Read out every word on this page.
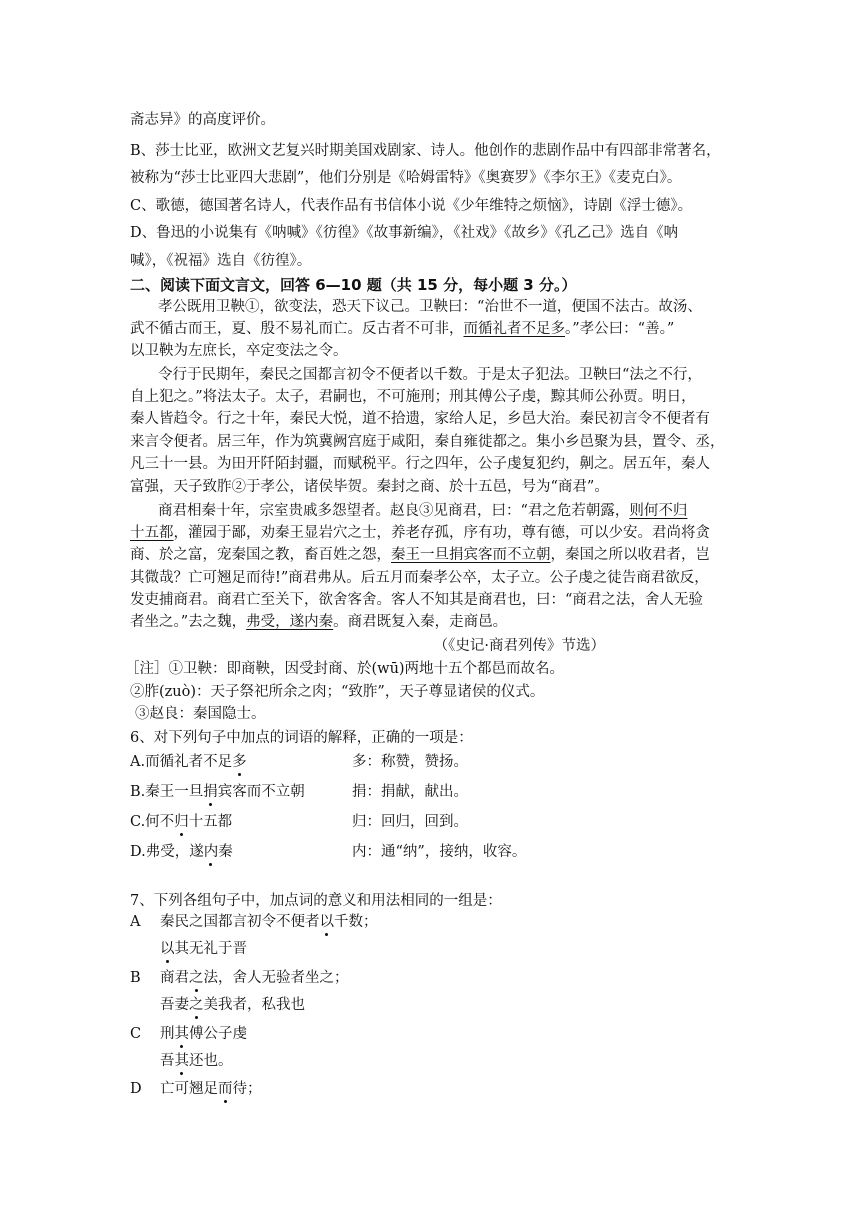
斋志异》的高度评价。
B、莎士比亚，欧洲文艺复兴时期美国戏剧家、诗人。他创作的悲剧作品中有四部非常著名，
被称为“莎士比亚四大悲剧”，他们分别是《哈姆雷特》《奥赛罗》《李尔王》《麦克白》。
C、歌德，德国著名诗人，代表作品有书信体小说《少年维特之烦恼》，诗剧《浮士德》。
D、鲁迅的小说集有《呐喊》《彷徨》《故事新编》，《社戏》《故乡》《孔乙己》选自《呐
喊》，《祝福》选自《彷徨》。
二、阅读下面文言文，回答 6—10 题（共 15 分，每小题 3 分。）
孝公既用卫鞅①，欲变法，恐天下议己。卫鞅曰：“治世不一道，便国不法古。故汤、
武不循古而王，夏、殷不易礼而亡。反古者不可非，而循礼者不足多。”孝公曰：“善。”
以卫鞅为左庶长，卒定变法之令。
令行于民期年，秦民之国都言初令不便者以千数。于是太子犯法。卫鞅曰“法之不行，
自上犯之。”将法太子。太子，君嗣也，不可施刑；刑其傅公子虔，黥其师公孙贾。明日，
秦人皆趋令。行之十年，秦民大悦，道不拾遗，家给人足，乡邑大治。秦民初言令不便者有
来言令便者。居三年，作为筑冀阙宫庭于咸阳，秦自雍徙都之。集小乡邑聚为县，置令、丞，
凡三十一县。为田开阡陌封疆，而赋税平。行之四年，公子虔复犯约，劓之。居五年，秦人
富强，天子致胙②于孝公，诸侯毕贺。秦封之商、於十五邑，号为“商君”。
商君相秦十年，宗室贵戚多怨望者。赵良③见商君，曰：“君之危若朝露，则何不归
十五都，灌园于鄙，劝秦王显岩穴之士，养老存孤，序有功，尊有德，可以少安。君尚将贪
商、於之富，宠秦国之教，畜百姓之怨，秦王一旦捐宾客而不立朝，秦国之所以收君者，岂
其微哉？亡可翘足而待!”商君弗从。后五月而秦孝公卒，太子立。公子虔之徒告商君欲反，
发吏捕商君。商君亡至关下，欲舍客舍。客人不知其是商君也，曰：“商君之法，舍人无验
者坐之。”去之魏，弗受，遂内秦。商君既复入秦，走商邑。
（《史记·商君列传》节选）
［注］①卫鞅：即商鞅，因受封商、於(wū)两地十五个都邑而故名。
②胙(zuò)：天子祭祀所余之肉；“致胙”，天子尊显诸侯的仪式。
③赵良：秦国隐士。
6、对下列句子中加点的词语的解释，正确的一项是：
A.而循礼者不足多	多：称赞，赞扬。
B.秦王一旦捐宾客而不立朝	捐：捐献，献出。
C.何不归十五都	归：回归，回到。
D.弗受，遂内秦	内：通“纳”，接纳，收容。
7、下列各组句子中，加点词的意义和用法相同的一组是：
A 秦民之国都言初令不便者以千数；
以其无礼于晋
B 商君之法，舍人无验者坐之；
吾妻之美我者，私我也
C 刑其傅公子虔
吾其还也。
D 亡可翘足而待；
